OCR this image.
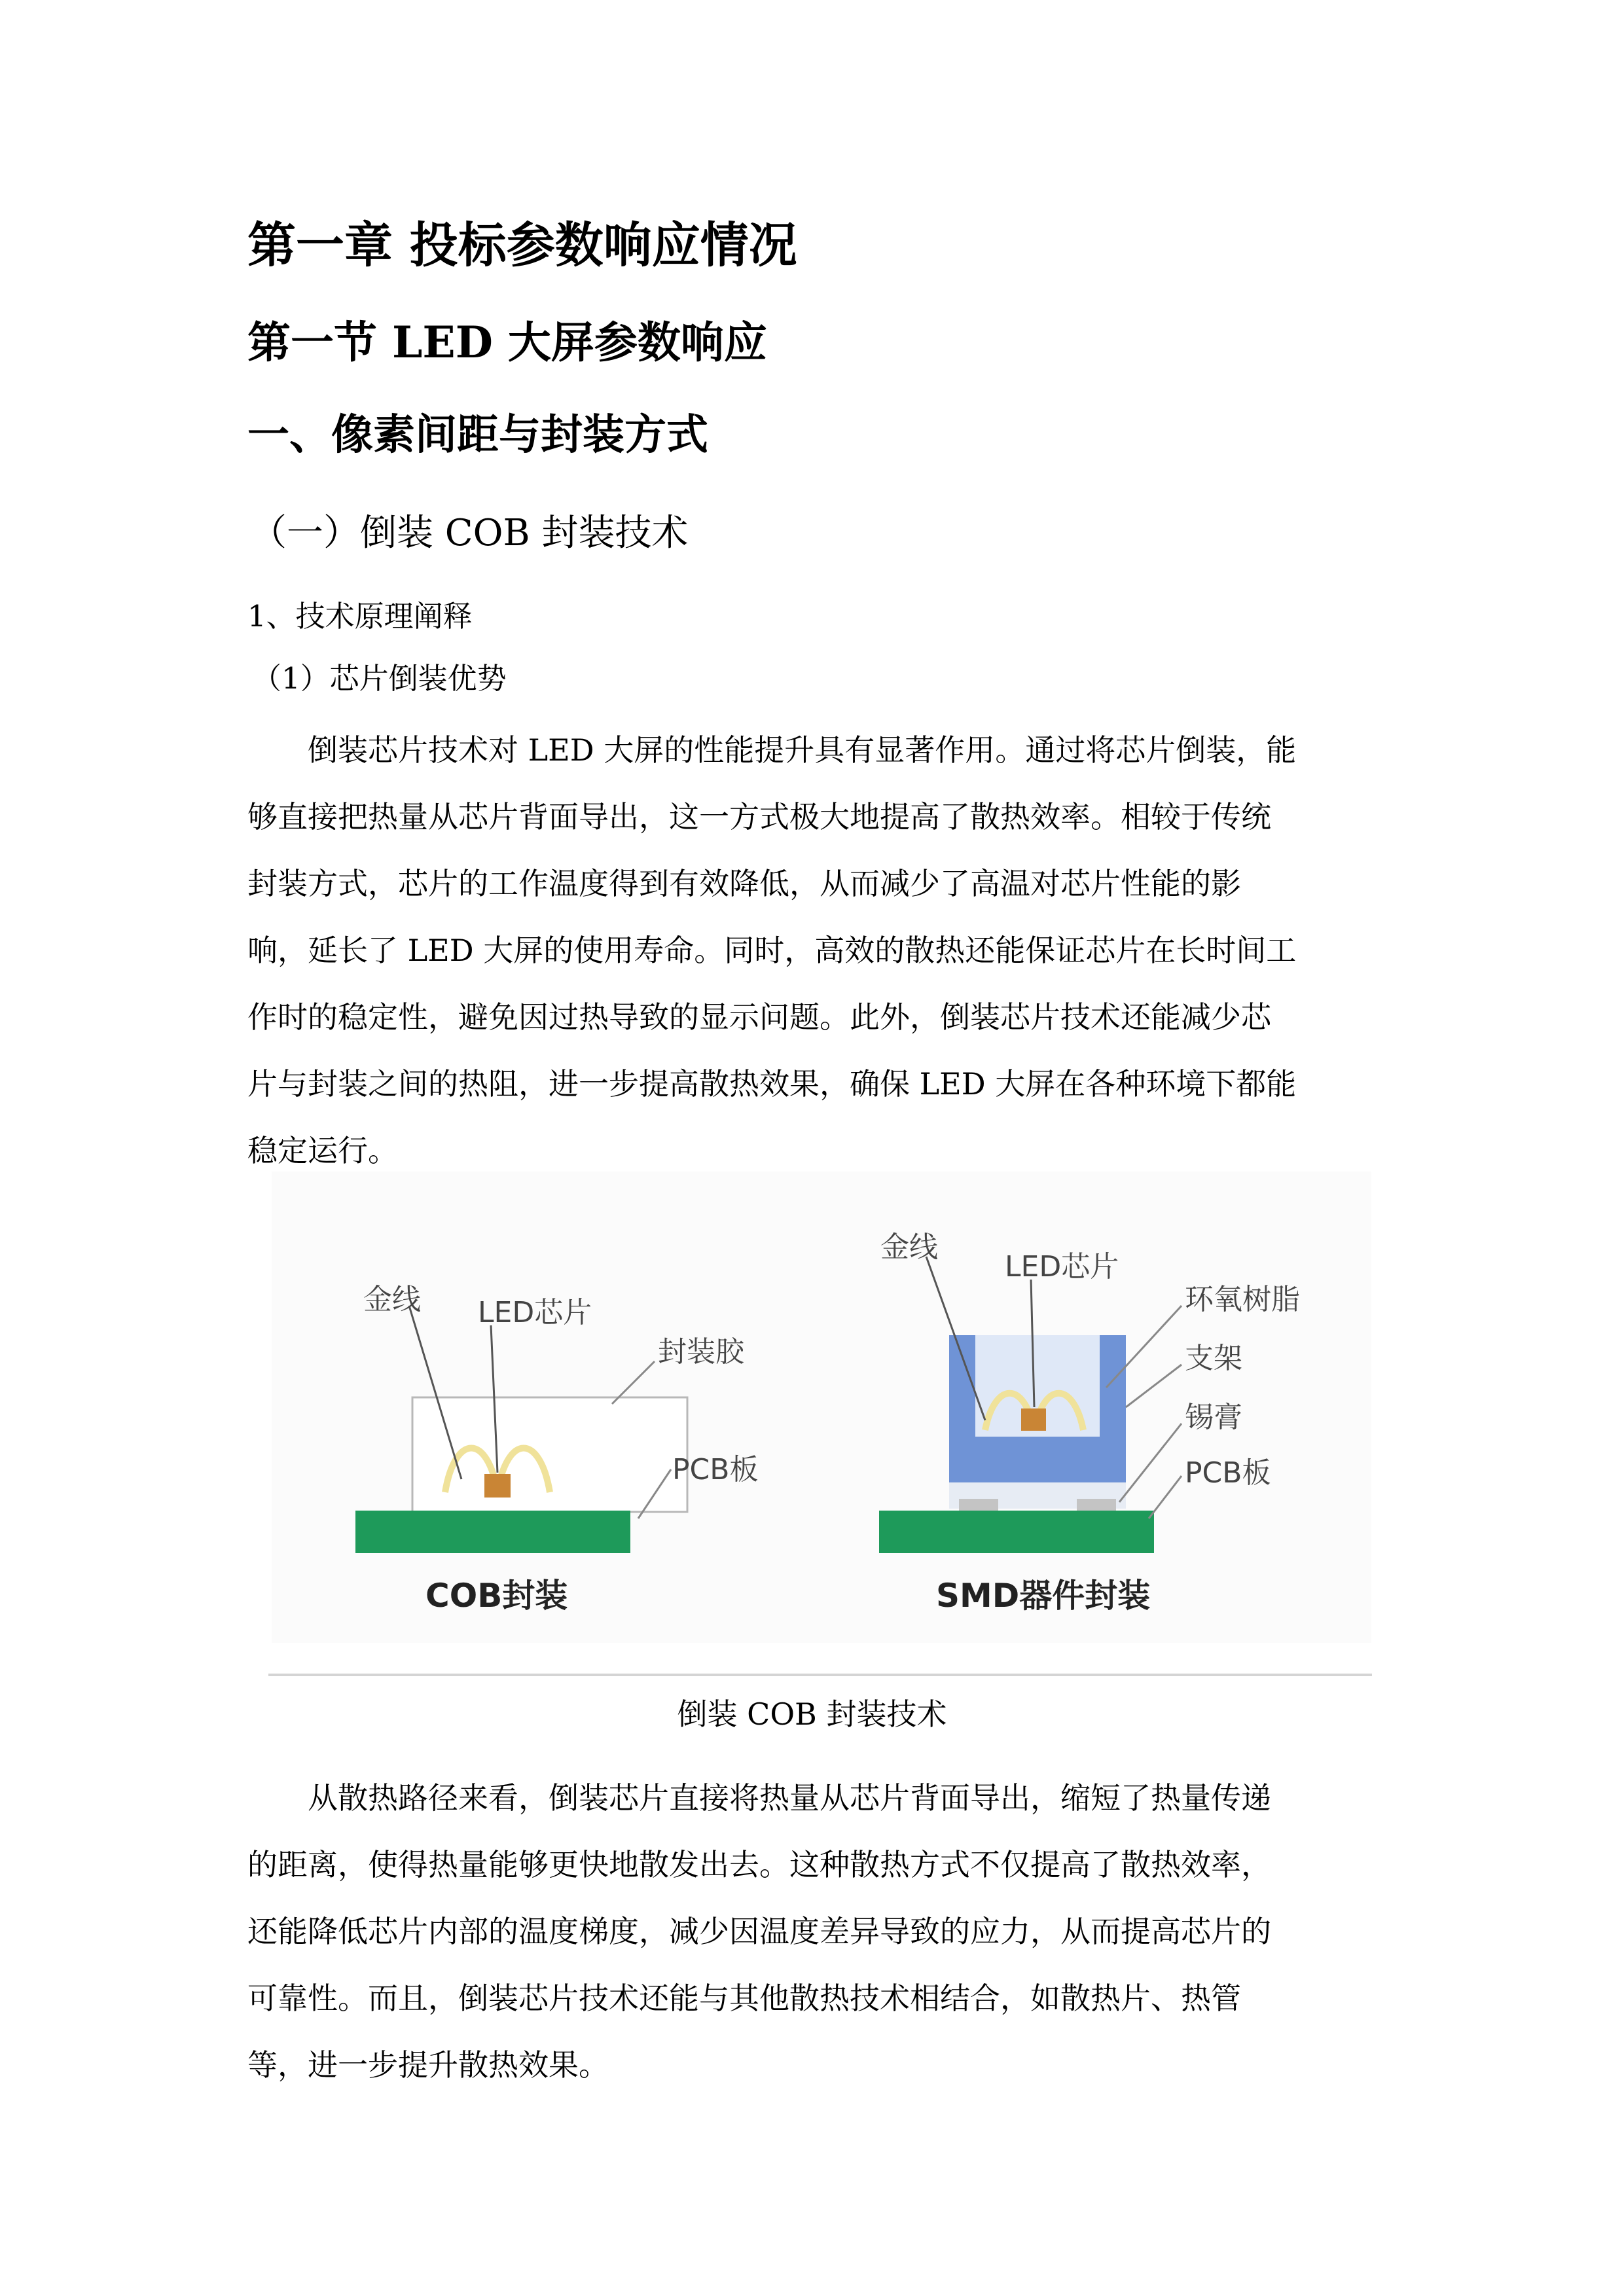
第一章 投标参数响应情况
第一节 LED 大屏参数响应
一、像素间距与封装方式
（一）倒装 COB 封装技术
1、技术原理阐释
（1）芯片倒装优势
倒装芯片技术对 LED 大屏的性能提升具有显著作用。通过将芯片倒装，能
够直接把热量从芯片背面导出，这一方式极大地提高了散热效率。相较于传统
封装方式，芯片的工作温度得到有效降低，从而减少了高温对芯片性能的影
响，延长了 LED 大屏的使用寿命。同时，高效的散热还能保证芯片在长时间工
作时的稳定性，避免因过热导致的显示问题。此外，倒装芯片技术还能减少芯
片与封装之间的热阻，进一步提高散热效果，确保 LED 大屏在各种环境下都能
稳定运行。
金线 LED芯片
封装胶
PCB板
COB封装
金线
LED芯片
环氧树脂
支架
锡膏
PCB板
SMD器件封装
倒装 COB 封装技术
从散热路径来看，倒装芯片直接将热量从芯片背面导出，缩短了热量传递
的距离，使得热量能够更快地散发出去。这种散热方式不仅提高了散热效率，
还能降低芯片内部的温度梯度，减少因温度差异导致的应力，从而提高芯片的
可靠性。而且，倒装芯片技术还能与其他散热技术相结合，如散热片、热管
等，进一步提升散热效果。
